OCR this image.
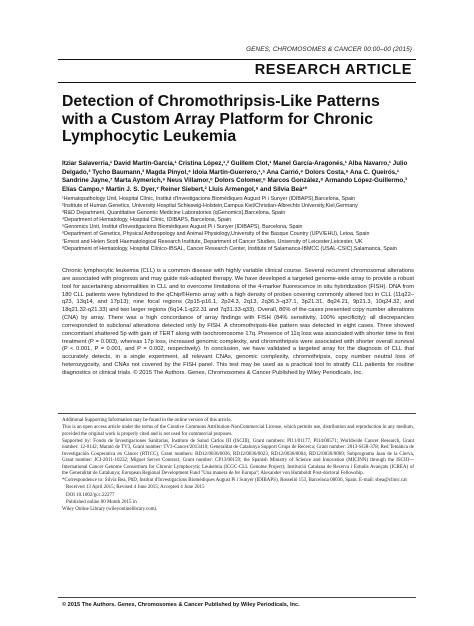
GENES, CHROMOSOMES & CANCER 00:00–00 (2015)
RESEARCH ARTICLE
Detection of Chromothripsis-Like Patterns with a Custom Array Platform for Chronic Lymphocytic Leukemia
Itziar Salaverria,¹ David Martín-García,¹ Cristina López,¹,² Guillem Clot,¹ Manel García-Aragonés,¹ Alba Navarro,¹ Julio Delgado,³ Tycho Baumann,³ Magda Pinyol,⁴ Idoia Martín-Guerrero,¹,⁵ Ana Carrió,⁶ Dolors Costa,⁶ Ana C. Queirós,¹ Sandrine Jayne,⁷ Marta Aymerich,⁶ Neus Villamor,⁶ Dolors Colomer,⁶ Marcos González,⁸ Armando López-Guillermo,³ Elías Campo,⁶ Martin J. S. Dyer,⁷ Reiner Siebert,² Lluis Armengol,⁹ and Sílvia Beà¹*
¹Hematopathology Unit, Hospital Clínic, Institut d'Investigacions Biomèdiques August Pi i Sunyer (IDIBAPS),Barcelona, Spain
²Institute of Human Genetics, University Hospital Schleswig-Holstein,Campus Kiel/Christian-Albrechts University,Kiel,Germany
³R&D Department, Quantitative Genomic Medicine Laboratories (qGenomics),Barcelona, Spain
⁴Department of Hematology, Hospital Clínic, IDIBAPS, Barcelona, Spain
⁵Genomics Unit, Institut d'Investigacions Biomèdiques August Pi i Sunyer (IDIBAPS), Barcelona, Spain
⁶Department of Genetics, Physical Anthropology and Animal Physiology,University of the Basque Country (UPV/EHU), Leioa, Spain
⁷Ernest and Helen Scott Haematological Research Institute, Department of Cancer Studies, University of Leicester,Leicester, UK
⁸Department of Hematology, Hospital Clínico-IBSAL, Cancer Research Center, Institute of Salamanca-IBMCC (USAL-CSIC),Salamanca, Spain
Chronic lymphocytic leukemia (CLL) is a common disease with highly variable clinical course. Several recurrent chromosomal alterations are associated with prognosis and may guide risk-adapted therapy. We have developed a targeted genome-wide array to provide a robust tool for ascertaining abnormalities in CLL and to overcome limitations of the 4-marker fluorescence in situ hybridization (FISH). DNA from 180 CLL patients were hybridized to the qChip®Hemo array with a high density of probes covering commonly altered loci in CLL (11q22–q23, 13q14, and 17p13); nine focal regions (2p15-p16.1, 2p24.3, 2q13, 2q36.3–q37.1, 3p21.31, 8q24.21, 9p21.3, 10q24.32, and 18q21.32-q21.33) and two larger regions (6q14.1-q22.31 and 7q31.33-q33). Overall, 86% of the cases presented copy number alterations (CNA) by array. There was a high concordance of array findings with FISH (84% sensitivity, 100% specificity); all discrepancies corresponded to subclonal alterations detected only by FISH. A chromothripsis-like pattern was detected in eight cases. Three showed concomitant shattered 5p with gain of TERT along with isochromosome 17q. Presence of 11q loss was associated with shorter time to first treatment (P = 0.003), whereas 17p loss, increased genomic complexity, and chromothripsis were associated with shorter overall survival (P < 0.001, P = 0.001, and P = 0.002, respectively). In conclusion, we have validated a targeted array for the diagnosis of CLL that accurately detects, in a single experiment, all relevant CNAs, genomic complexity, chromothripsis, copy number neutral loss of heterozygosity, and CNAs not covered by the FISH panel. This test may be used as a practical tool to stratify CLL patients for routine diagnostics or clinical trials. © 2015 The Authors. Genes, Chromosomes & Cancer Published by Wiley Periodicals, Inc.

Additional Supporting Information may be found in the online version of this article.

This is an open access article under the terms of the Creative Commons Attribution-NonCommercial License, which permits use, distribution and reproduction in any medium, provided the original work is properly cited and is not used for commercial purposes.

Supported by: Fondo de Investigaciones Sanitarias, Instituto de Salud Carlos III (ISCIII), Grant numbers: PI11/01177, PI14/00571; Worldwide Cancer Research, Grant number: 12-0142; Marató de TV3, Grant number: TV3-Cancer/2013410; Generalitat de Catalunya Support Grups de Recerca; Grant number: 2013-SGR-378; Red Temática de Investigación Cooperativa en Cáncer (RTICC), Grant numbers: RD12/0036/0036, RD12/0036/0023, RD12/0036/0004, RD12/0036/0069; Subprograma Juan de la Cierva, Grant number: JCI-2011-10232; Miguel Servet Contract, Grant number: CP13/00159; the Spanish Ministry of Science and Innovation (MICINN) through the ISCIII—International Cancer Genome Consortium for Chronic Lymphocytic Leukemia (ICGC-CLL Genome Project); Institució Catalana de Recerca i Estudis Avançats (ICREA) of the Generalitat de Catalunya; European Regional Development Fund "Una manera de fer Europa"; Alexander von Humboldt Post-doctoral Fellowship.

*Correspondence to: Sílvia Beà, PhD, Institut d'Investigacions Biomèdiques August Pi i Sunyer (IDIBAPS), Rosselló 153, Barcelona 08036, Spain. E-mail: sbea@clinic.cat

Received 13 April 2015; Revised 4 June 2015; Accepted 4 June 2015

DOI 10.1002/gcc.22277

Published online 00 Month 2015 in

Wiley Online Library (wileyonlinelibrary.com).

© 2015 The Authors. Genes, Chromosomes & Cancer Published by Wiley Periodicals, Inc.
